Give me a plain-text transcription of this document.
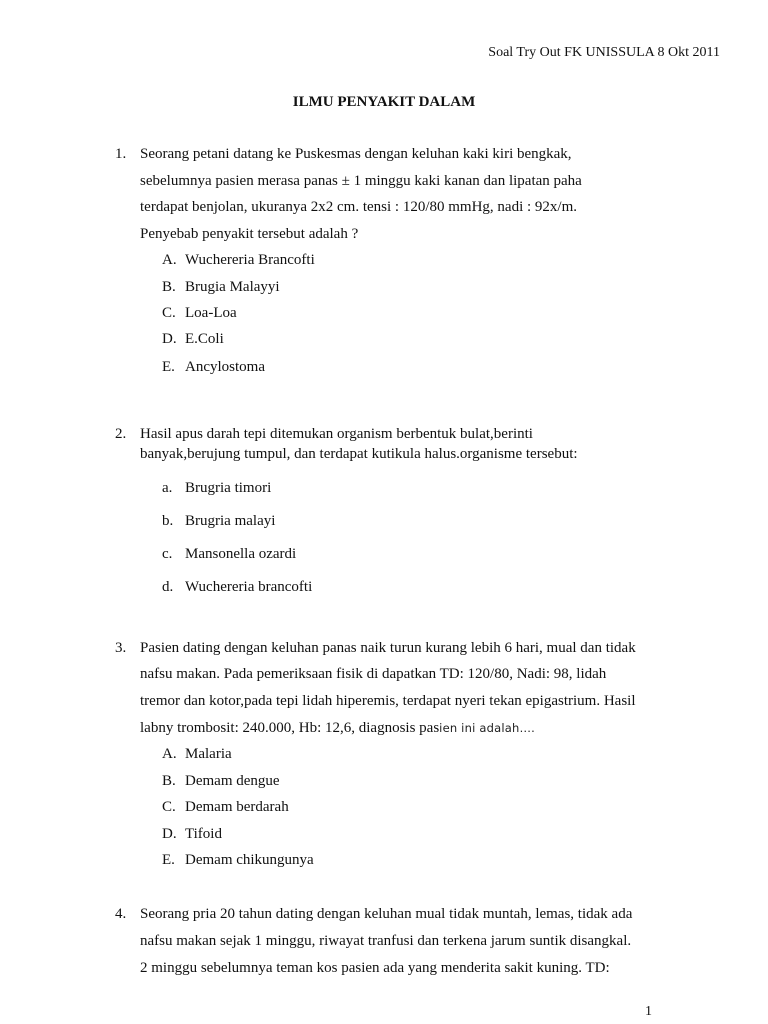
Soal Try Out FK UNISSULA 8 Okt 2011
ILMU PENYAKIT DALAM
1. Seorang petani datang ke Puskesmas dengan keluhan kaki kiri bengkak,
sebelumnya pasien merasa panas ± 1 minggu kaki kanan dan lipatan paha
terdapat benjolan, ukuranya 2x2 cm. tensi : 120/80 mmHg, nadi : 92x/m.
Penyebab penyakit tersebut adalah ?
A. Wuchereria Brancofti
B. Brugia Malayyi
C. Loa-Loa
D. E.Coli
E. Ancylostoma
2. Hasil apus darah tepi ditemukan organism berbentuk bulat,berinti
banyak,berujung tumpul, dan terdapat kutikula halus.organisme tersebut:
a. Brugria timori
b. Brugria malayi
c. Mansonella ozardi
d. Wuchereria brancofti
3. Pasien dating dengan keluhan panas naik turun kurang lebih 6 hari, mual dan tidak
nafsu makan. Pada pemeriksaan fisik di dapatkan TD: 120/80, Nadi: 98, lidah
tremor dan kotor,pada tepi lidah hiperemis, terdapat nyeri tekan epigastrium. Hasil
labny trombosit: 240.000, Hb: 12,6, diagnosis pasien ini adalah….
A. Malaria
B. Demam dengue
C. Demam berdarah
D. Tifoid
E. Demam chikungunya
4. Seorang pria 20 tahun dating dengan keluhan mual tidak muntah, lemas, tidak ada
nafsu makan sejak 1 minggu, riwayat tranfusi dan terkena jarum suntik disangkal.
2 minggu sebelumnya teman kos pasien ada yang menderita sakit kuning. TD:
1
